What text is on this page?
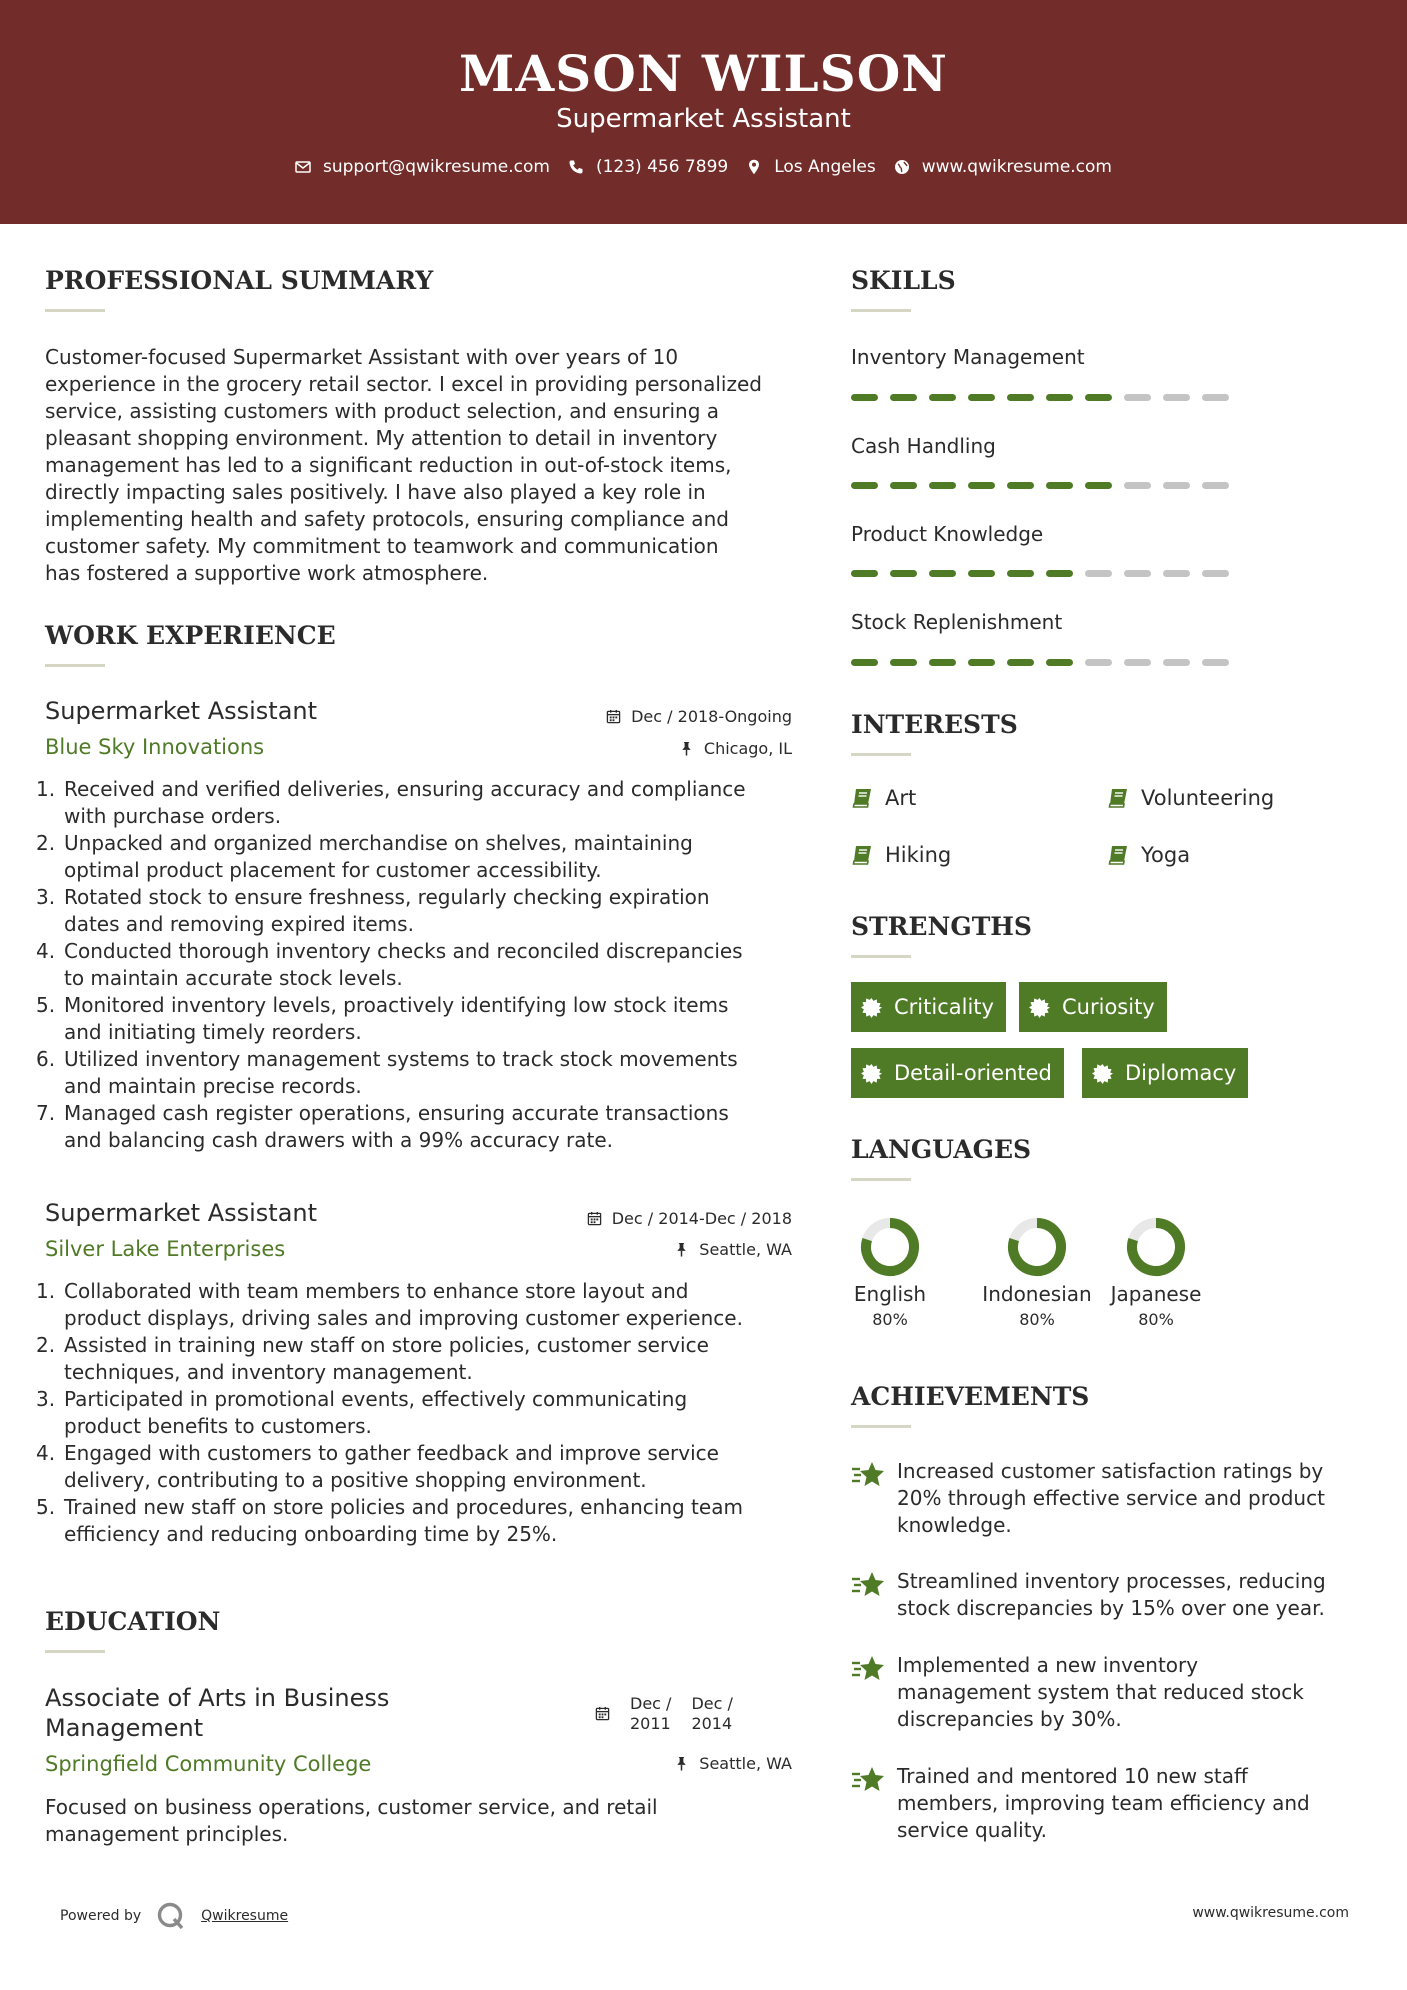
MASON WILSON
Supermarket Assistant
support@qwikresume.com	(123) 456 7899	Los Angeles	www.qwikresume.com
PROFESSIONAL SUMMARY
Customer-focused Supermarket Assistant with over years of 10
experience in the grocery retail sector. I excel in providing personalized
service, assisting customers with product selection, and ensuring a
pleasant shopping environment. My attention to detail in inventory
management has led to a significant reduction in out-of-stock items,
directly impacting sales positively. I have also played a key role in
implementing health and safety protocols, ensuring compliance and
customer safety. My commitment to teamwork and communication
has fostered a supportive work atmosphere.
WORK EXPERIENCE
Supermarket Assistant
Blue Sky Innovations
Dec / 2018-Ongoing
Chicago, IL
1. Received and verified deliveries, ensuring accuracy and compliance
with purchase orders.
2. Unpacked and organized merchandise on shelves, maintaining
optimal product placement for customer accessibility.
3. Rotated stock to ensure freshness, regularly checking expiration
dates and removing expired items.
4. Conducted thorough inventory checks and reconciled discrepancies
to maintain accurate stock levels.
5. Monitored inventory levels, proactively identifying low stock items
and initiating timely reorders.
6. Utilized inventory management systems to track stock movements
and maintain precise records.
7. Managed cash register operations, ensuring accurate transactions
and balancing cash drawers with a 99% accuracy rate.
Supermarket Assistant
Silver Lake Enterprises
Dec / 2014-Dec / 2018
Seattle, WA
1. Collaborated with team members to enhance store layout and
product displays, driving sales and improving customer experience.
2. Assisted in training new staff on store policies, customer service
techniques, and inventory management.
3. Participated in promotional events, effectively communicating
product benefits to customers.
4. Engaged with customers to gather feedback and improve service
delivery, contributing to a positive shopping environment.
5. Trained new staff on store policies and procedures, enhancing team
efficiency and reducing onboarding time by 25%.
EDUCATION
Associate of Arts in Business
Management
Springfield Community College
Dec /
2011
Dec /
2014
Seattle, WA
Focused on business operations, customer service, and retail
management principles.
SKILLS
Inventory Management
Cash Handling
Product Knowledge
Stock Replenishment
INTERESTS
Art	Volunteering
Hiking	Yoga
STRENGTHS
Criticality	Curiosity
Detail-oriented	Diplomacy
LANGUAGES
English
80%
Indonesian
80%
Japanese
80%
ACHIEVEMENTS
Increased customer satisfaction ratings by
20% through effective service and product
knowledge.
Streamlined inventory processes, reducing
stock discrepancies by 15% over one year.
Implemented a new inventory
management system that reduced stock
discrepancies by 30%.
Trained and mentored 10 new staff
members, improving team efficiency and
service quality.
Powered by	Qwikresume	www.qwikresume.com
